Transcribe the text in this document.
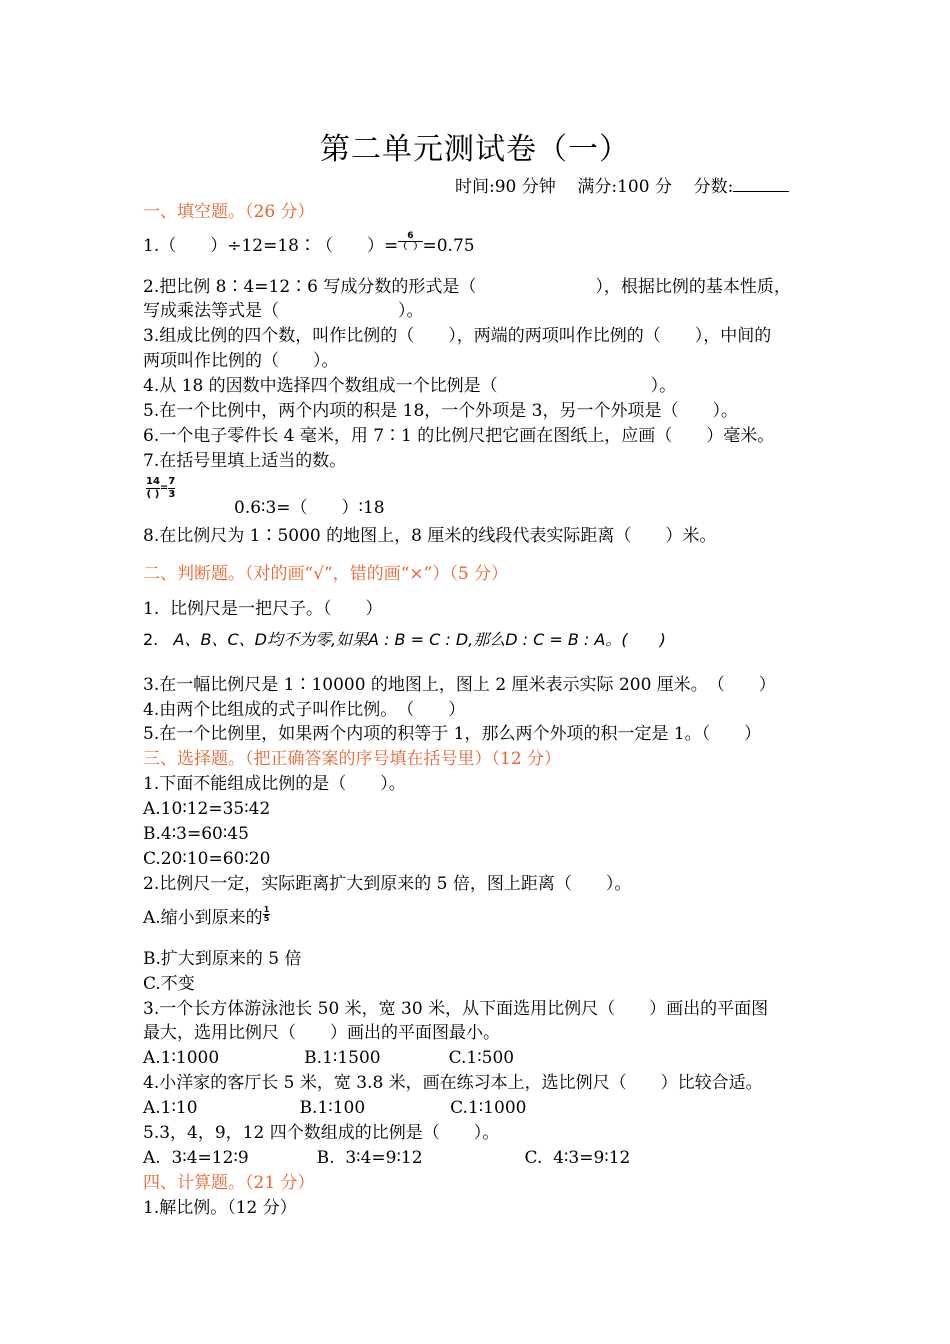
第二单元测试卷（一）
时间:90 分钟 满分:100 分 分数:
一、填空题。（26 分）
1.（　　）÷12=18∶（　　）= $\frac{6}{( )} =0.75$
2.把比例 8∶4=12∶6 写成分数的形式是（　　　　　　　），根据比例的基本性质，
写成乘法等式是（　　　　　　　）。
3.组成比例的四个数，叫作比例的（　　），两端的两项叫作比例的（　　），中间的
两项叫作比例的（　　）。
4.从 18 的因数中选择四个数组成一个比例是（　　　　　　　　　）。
5.在一个比例中，两个内项的积是 18，一个外项是 3，另一个外项是（　　）。
6.一个电子零件长 4 毫米，用 7∶1 的比例尺把它画在图纸上，应画（　　）毫米。
7.在括号里填上适当的数。
14
( )
= $\frac{7}{3}$
0.6∶3=（　　）∶18
8.在比例尺为 1∶5000 的地图上，8 厘米的线段代表实际距离（　　）米。
二、判断题。（对的画“√”，错的画“×”）（5 分）
1.  比例尺是一把尺子。（　　）
2. A、B、C、D均不为零,如果A : B = C : D,那么D : C = B : A。(　　)
3.在一幅比例尺是 1∶10000 的地图上，图上 2 厘米表示实际 200 厘米。　（　　）
4.由两个比组成的式子叫作比例。　（　　）
5.在一个比例里，如果两个内项的积等于 1，那么两个外项的积一定是 1。（　　）
三、选择题。（把正确答案的序号填在括号里）（12 分）
1.下面不能组成比例的是（　　）。
A.10∶12=35∶42
B.4∶3=60∶45
C.20∶10=60∶20
2.比例尺一定，实际距离扩大到原来的 5 倍，图上距离（　　）。
A.缩小到原来的 $\frac{1}{5}$
B.扩大到原来的 5 倍
C.不变
3.一个长方体游泳池长 50 米，宽 30 米，从下面选用比例尺（　　）画出的平面图
最大，选用比例尺（　　）画出的平面图最小。
A.1∶1000　　　　　B.1∶1500　　　　C.1∶500
4.小洋家的客厅长 5 米，宽 3.8 米，画在练习本上，选比例尺（　　）比较合适。
A.1∶10　　　　　　B.1∶100　　　　　C.1∶1000
5.3，4，9，12 四个数组成的比例是（　　）。
A.  3∶4=12∶9　　　　B.  3∶4=9∶12　　　　　　C.  4∶3=9∶12
四、计算题。（21 分）
1.解比例。（12 分）
